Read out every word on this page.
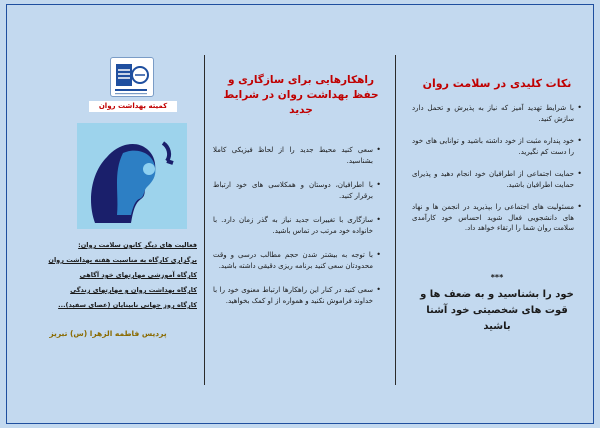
نکات کلیدی در سلامت روان
• با شرایط تهدید آمیز که نیاز به پذیرش و تحمل دارد سازش کنید.
• خود پنداره مثبت از خود داشته باشید و توانایی های خود را دست کم نگیرید.
• حمایت اجتماعی از اطرافیان خود انجام دهید و پذیرای حمایت اطرافیان باشید.
• مسئولیت های اجتماعی را بپذیرید در انجمن ها و نهاد های دانشجویی فعال شوید احساس خود کارآمدی سلامت روان شما را ارتقاء خواهد داد.
***
خود را بشناسید و به ضعف ها و قوت های شخصیتی خود آشنا باشید
راهکارهایی برای سازگاری و حفظ بهداشت روان در شرایط جدید
• سعی کنید محیط جدید را از لحاظ فیزیکی کاملا بشناسید.
• با اطرافیان، دوستان و همکلاسی های خود ارتباط برقرار کنید.
• سازگاری با تغییرات جدید نیاز به گذر زمان دارد. با خانواده خود مرتب در تماس باشید.
• با توجه به بیشتر شدن حجم مطالب درسی و وقت محدودتان سعی کنید برنامه ریزی دقیقی داشته باشید.
• سعی کنید در کنار این راهکارها ارتباط معنوی خود را با خداوند فراموش نکنید و همواره از او کمک بخواهید.
کمیته بهداشت روان
فعالیت های دیگر کانون سلامت روان:
برگزاری کارگاه به مناسبت هفته بهداشت روان
کارگاه آموزشی مهارتهای خود آگاهی
کارگاه بهداشت روان و مهارتهای زندگی
کارگاه روز جهانی نابینایان (عصای سفید)...
پردیس فاطمه الزهرا (س) تبریز
